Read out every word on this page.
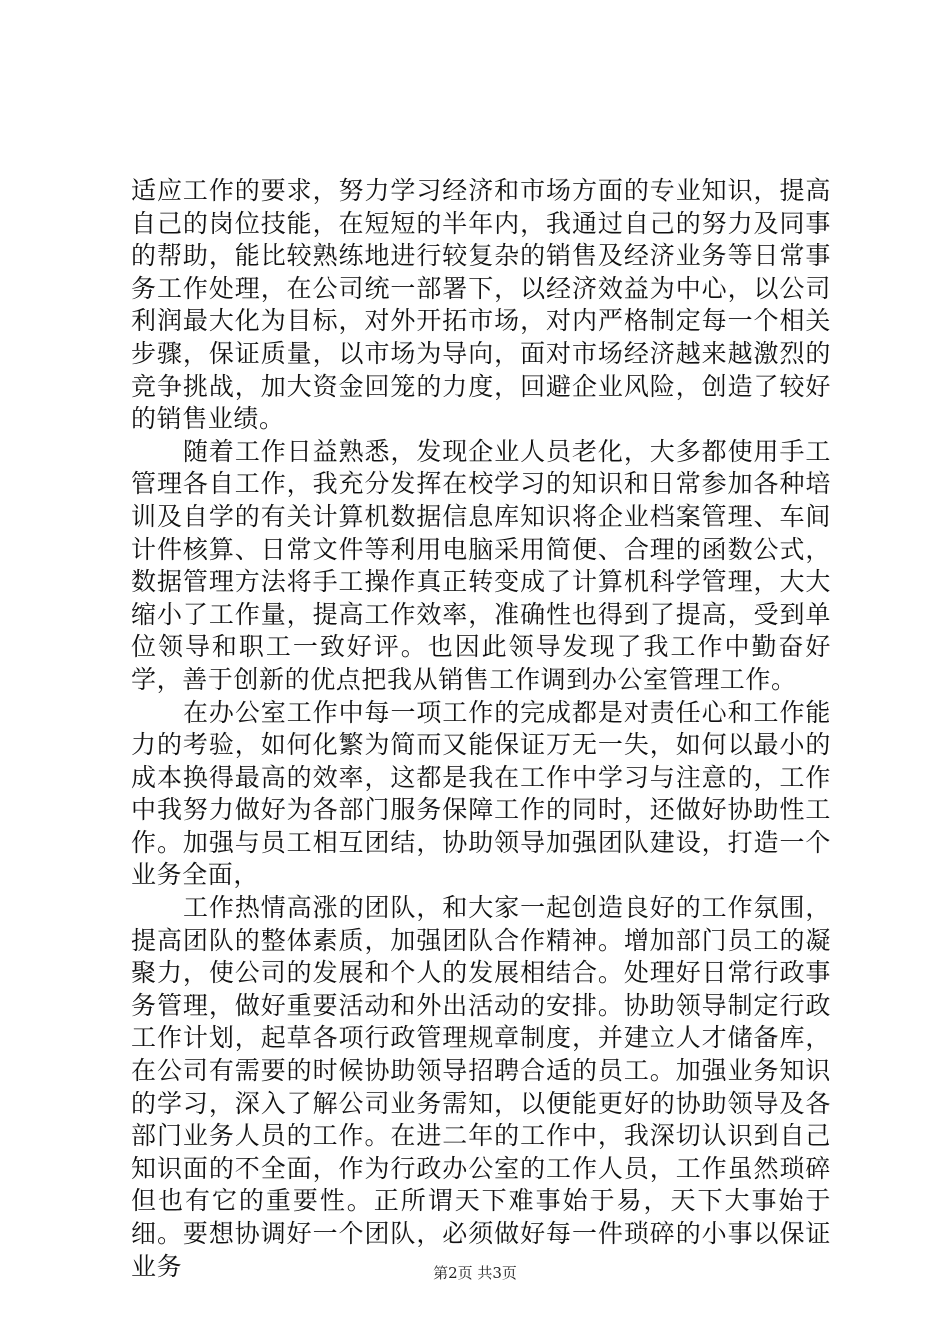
适应工作的要求，努力学习经济和市场方面的专业知识，提高自己的岗位技能，在短短的半年内，我通过自己的努力及同事的帮助，能比较熟练地进行较复杂的销售及经济业务等日常事务工作处理，在公司统一部署下，以经济效益为中心，以公司利润最大化为目标，对外开拓市场，对内严格制定每一个相关步骤，保证质量，以市场为导向，面对市场经济越来越激烈的竞争挑战，加大资金回笼的力度，回避企业风险，创造了较好的销售业绩。

随着工作日益熟悉，发现企业人员老化，大多都使用手工管理各自工作，我充分发挥在校学习的知识和日常参加各种培训及自学的有关计算机数据信息库知识将企业档案管理、车间计件核算、日常文件等利用电脑采用简便、合理的函数公式，数据管理方法将手工操作真正转变成了计算机科学管理，大大缩小了工作量，提高工作效率，准确性也得到了提高，受到单位领导和职工一致好评。也因此领导发现了我工作中勤奋好学，善于创新的优点把我从销售工作调到办公室管理工作。

在办公室工作中每一项工作的完成都是对责任心和工作能力的考验，如何化繁为简而又能保证万无一失，如何以最小的成本换得最高的效率，这都是我在工作中学习与注意的，工作中我努力做好为各部门服务保障工作的同时，还做好协助性工作。加强与员工相互团结，协助领导加强团队建设，打造一个业务全面，

工作热情高涨的团队，和大家一起创造良好的工作氛围，提高团队的整体素质，加强团队合作精神。增加部门员工的凝聚力，使公司的发展和个人的发展相结合。处理好日常行政事务管理，做好重要活动和外出活动的安排。协助领导制定行政工作计划，起草各项行政管理规章制度，并建立人才储备库，在公司有需要的时候协助领导招聘合适的员工。加强业务知识的学习，深入了解公司业务需知，以便能更好的协助领导及各部门业务人员的工作。在进二年的工作中，我深切认识到自己知识面的不全面，作为行政办公室的工作人员，工作虽然琐碎但也有它的重要性。正所谓天下难事始于易，天下大事始于细。要想协调好一个团队，必须做好每一件琐碎的小事以保证业务	第2页 共3页
